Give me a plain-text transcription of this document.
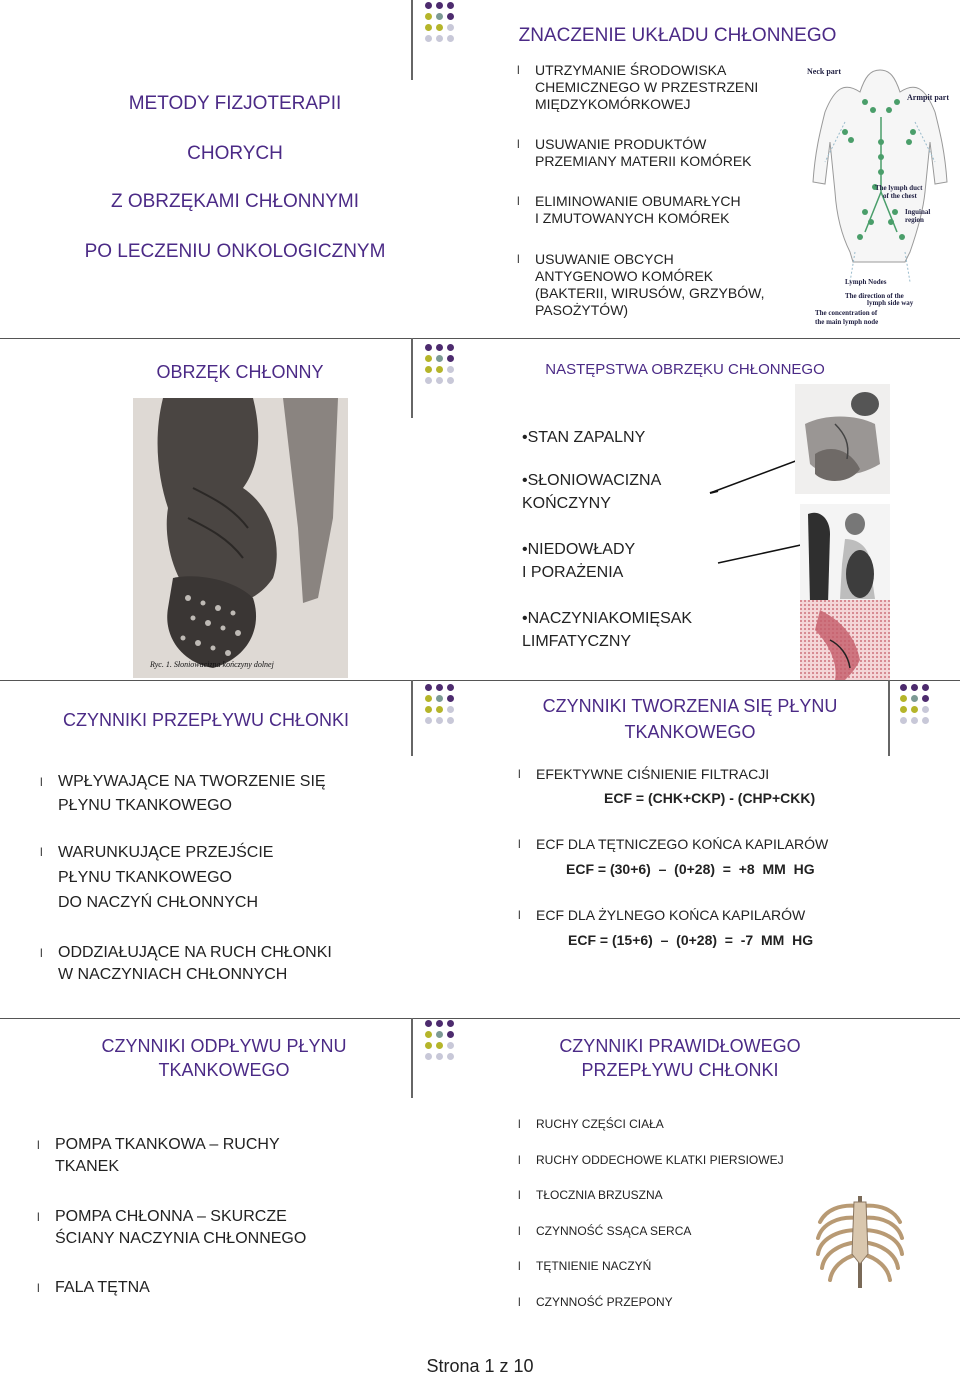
METODY FIZJOTERAPII
CHORYCH
Z OBRZĘKAMI CHŁONNYMI
PO LECZENIU ONKOLOGICZNYM
ZNACZENIE UKŁADU CHŁONNEGO
l UTRZYMANIE ŚRODOWISKA
CHEMICZNEGO W PRZESTRZENI
MIĘDZYKOMÓRKOWEJ
l USUWANIE PRODUKTÓW
PRZEMIANY MATERII KOMÓREK
l ELIMINOWANIE OBUMARŁYCH
I ZMUTOWANYCH KOMÓREK
l USUWANIE OBCYCH
ANTYGENOWO KOMÓREK
(BAKTERII, WIRUSÓW, GRZYBÓW,
PASOŻYTÓW)
Neck part
Armpit part
The lymph duct
of the chest
Inguinal
region
Lymph Nodes
The direction of the
lymph side way
The concentration of
the main lymph node
OBRZĘK CHŁONNY
Ryc. 1. Słoniowacizna kończyny dolnej
NASTĘPSTWA OBRZĘKU CHŁONNEGO
•STAN ZAPALNY
•SŁONIOWACIZNA
KOŃCZYNY
•NIEDOWŁADY
I PORAŻENIA
•NACZYNIAKOMIĘSAK
LIMFATYCZNY
CZYNNIKI PRZEPŁYWU CHŁONKI
l WPŁYWAJĄCE NA TWORZENIE SIĘ
PŁYNU TKANKOWEGO
l WARUNKUJĄCE PRZEJŚCIE
PŁYNU TKANKOWEGO
DO NACZYŃ CHŁONNYCH
l ODDZIAŁUJĄCE NA RUCH CHŁONKI
W NACZYNIACH CHŁONNYCH
CZYNNIKI TWORZENIA SIĘ PŁYNU
TKANKOWEGO
l EFEKTYWNE CIŚNIENIE FILTRACJI
ECF = (CHK+CKP) - (CHP+CKK)
l ECF DLA TĘTNICZEGO KOŃCA KAPILARÓW
ECF = (30+6)  –  (0+28)  =  +8  MM  HG
l ECF DLA ŻYLNEGO KOŃCA KAPILARÓW
ECF = (15+6)  –  (0+28)  =  -7  MM  HG
CZYNNIKI ODPŁYWU PŁYNU
TKANKOWEGO
l POMPA TKANKOWA – RUCHY
TKANEK
l POMPA CHŁONNA – SKURCZE
ŚCIANY NACZYNIA CHŁONNEGO
l FALA TĘTNA
CZYNNIKI PRAWIDŁOWEGO
PRZEPŁYWU CHŁONKI
l RUCHY CZĘŚCI CIAŁA
l RUCHY ODDECHOWE KLATKI PIERSIOWEJ
l TŁOCZNIA BRZUSZNA
l CZYNNOŚĆ SSĄCA SERCA
l TĘTNIENIE NACZYŃ
l CZYNNOŚĆ PRZEPONY
Strona 1 z 10
